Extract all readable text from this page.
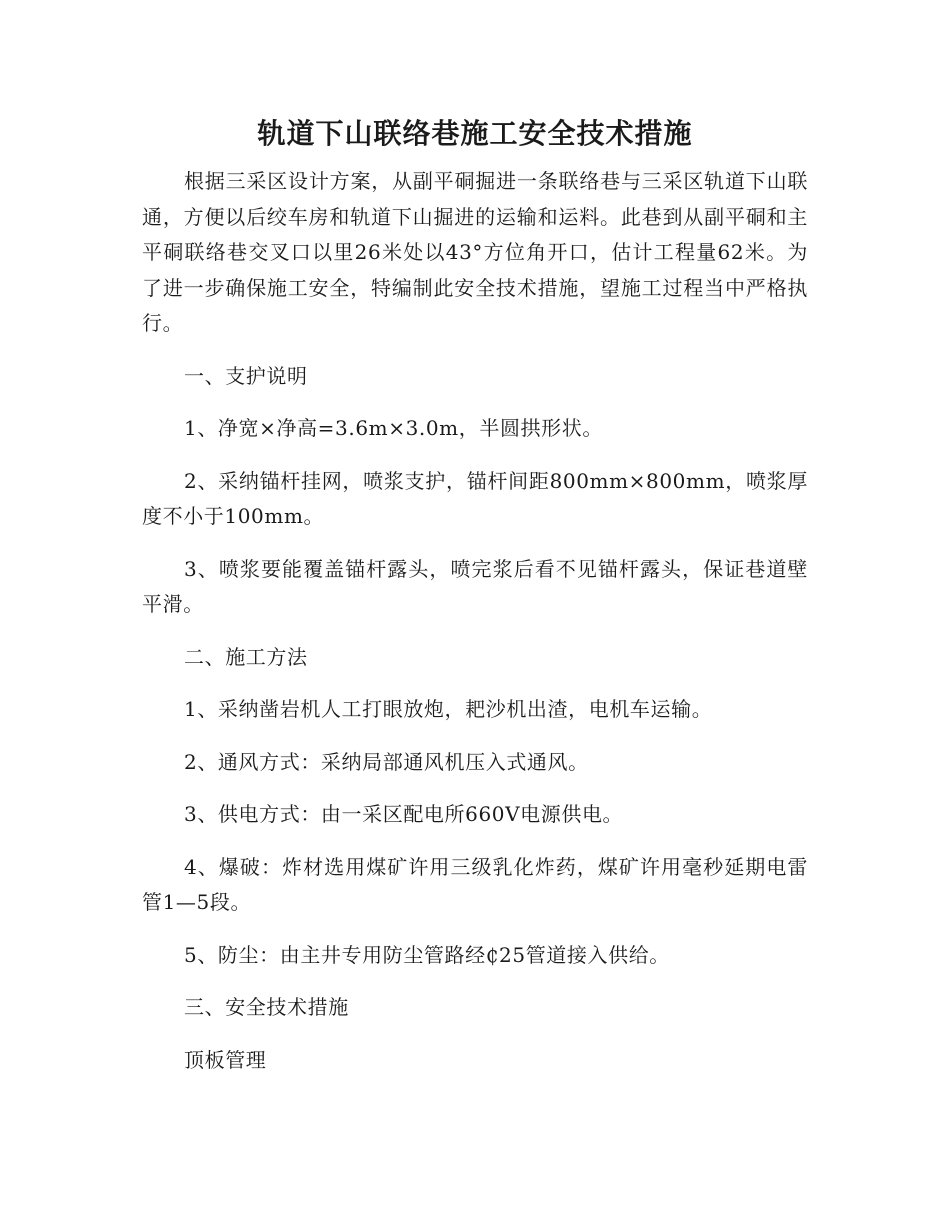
轨道下山联络巷施工安全技术措施

根据三采区设计方案，从副平硐掘进一条联络巷与三采区轨道下山联通，方便以后绞车房和轨道下山掘进的运输和运料。此巷到从副平硐和主平硐联络巷交叉口以里26米处以43°方位角开口，估计工程量62米。为了进一步确保施工安全，特编制此安全技术措施，望施工过程当中严格执行。

一、支护说明

1、净宽×净高=3.6m×3.0m，半圆拱形状。

2、采纳锚杆挂网，喷浆支护，锚杆间距800mm×800mm，喷浆厚度不小于100mm。

3、喷浆要能覆盖锚杆露头，喷完浆后看不见锚杆露头，保证巷道壁平滑。

二、施工方法

1、采纳凿岩机人工打眼放炮，耙沙机出渣，电机车运输。

2、通风方式：采纳局部通风机压入式通风。

3、供电方式：由一采区配电所660V电源供电。

4、爆破：炸材选用煤矿许用三级乳化炸药，煤矿许用毫秒延期电雷管1—5段。

5、防尘：由主井专用防尘管路经₵25管道接入供给。

三、安全技术措施

顶板管理
